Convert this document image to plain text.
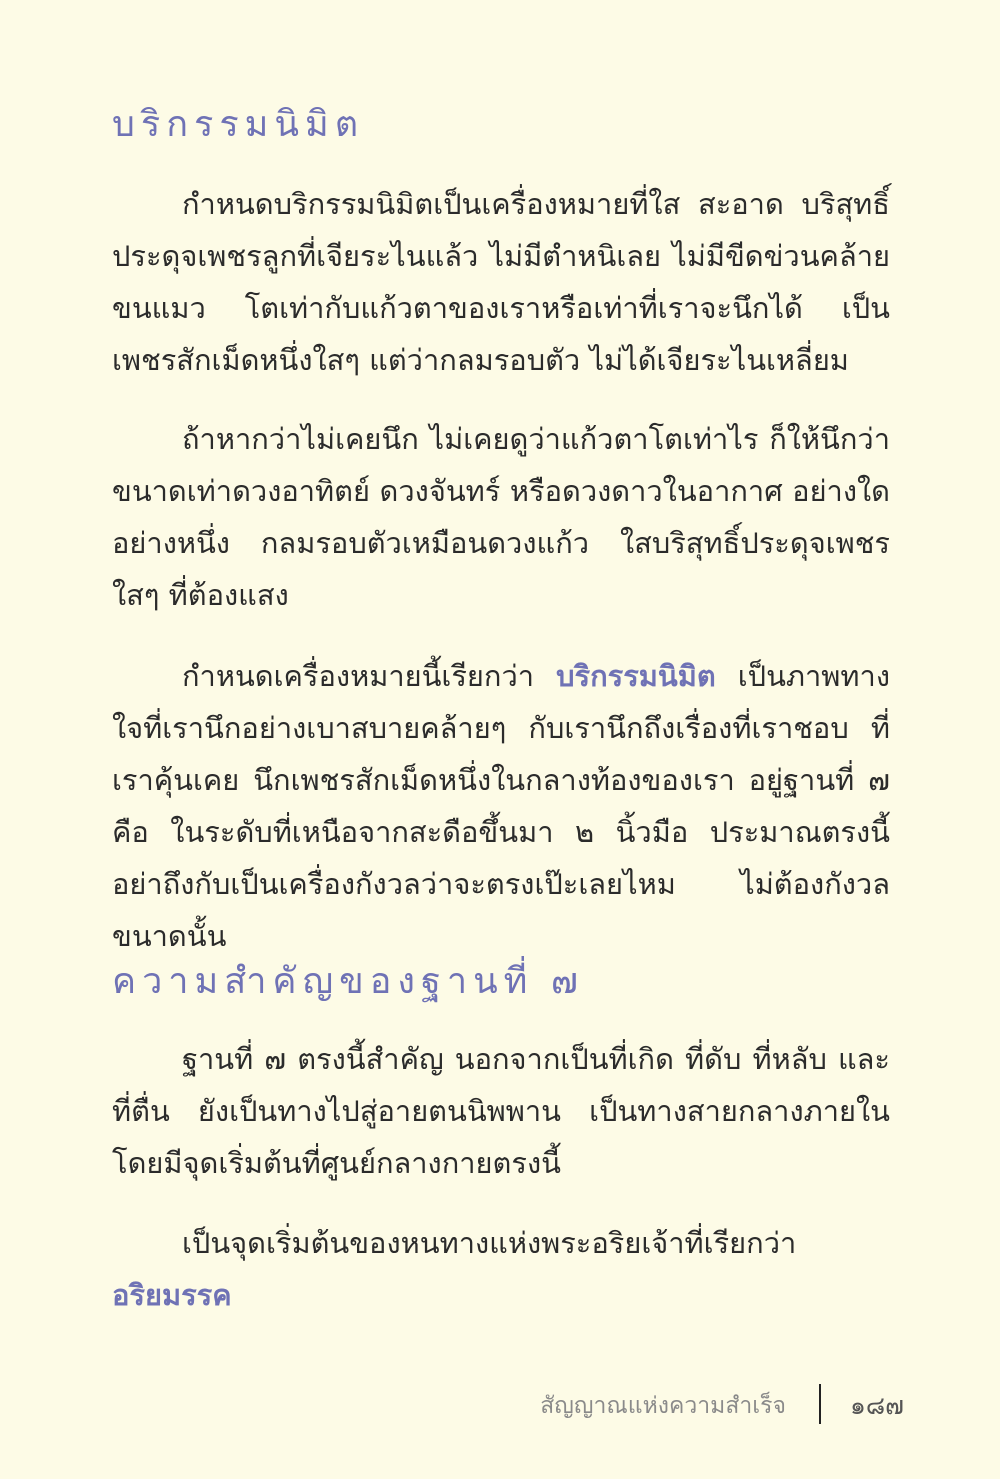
บริกรรมนิมิต

กำหนดบริกรรมนิมิตเป็นเครื่องหมายที่ใส สะอาด บริสุทธิ์ ประดุจเพชรลูกที่เจียระไนแล้ว ไม่มีตำหนิเลย ไม่มีขีดข่วนคล้ายขนแมว โตเท่ากับแก้วตาของเราหรือเท่าที่เราจะนึกได้ เป็นเพชรสักเม็ดหนึ่งใสๆ แต่ว่ากลมรอบตัว ไม่ได้เจียระไนเหลี่ยม

ถ้าหากว่าไม่เคยนึก ไม่เคยดูว่าแก้วตาโตเท่าไร ก็ให้นึกว่าขนาดเท่าดวงอาทิตย์ ดวงจันทร์ หรือดวงดาวในอากาศ อย่างใดอย่างหนึ่ง กลมรอบตัวเหมือนดวงแก้ว ใสบริสุทธิ์ประดุจเพชรใสๆ ที่ต้องแสง

กำหนดเครื่องหมายนี้เรียกว่า บริกรรมนิมิต เป็นภาพทางใจที่เรานึกอย่างเบาสบายคล้ายๆ กับเรานึกถึงเรื่องที่เราชอบ ที่เราคุ้นเคย นึกเพชรสักเม็ดหนึ่งในกลางท้องของเรา อยู่ฐานที่ ๗ คือ ในระดับที่เหนือจากสะดือขึ้นมา ๒ นิ้วมือ ประมาณตรงนี้ อย่าถึงกับเป็นเครื่องกังวลว่าจะตรงเป๊ะเลยไหม ไม่ต้องกังวลขนาดนั้น

ความสำคัญของฐานที่ ๗

ฐานที่ ๗ ตรงนี้สำคัญ นอกจากเป็นที่เกิด ที่ดับ ที่หลับ และที่ตื่น ยังเป็นทางไปสู่อายตนนิพพาน เป็นทางสายกลางภายในโดยมีจุดเริ่มต้นที่ศูนย์กลางกายตรงนี้

เป็นจุดเริ่มต้นของหนทางแห่งพระอริยเจ้าที่เรียกว่า อริยมรรค

สัญญาณแห่งความสำเร็จ	๑๘๗
